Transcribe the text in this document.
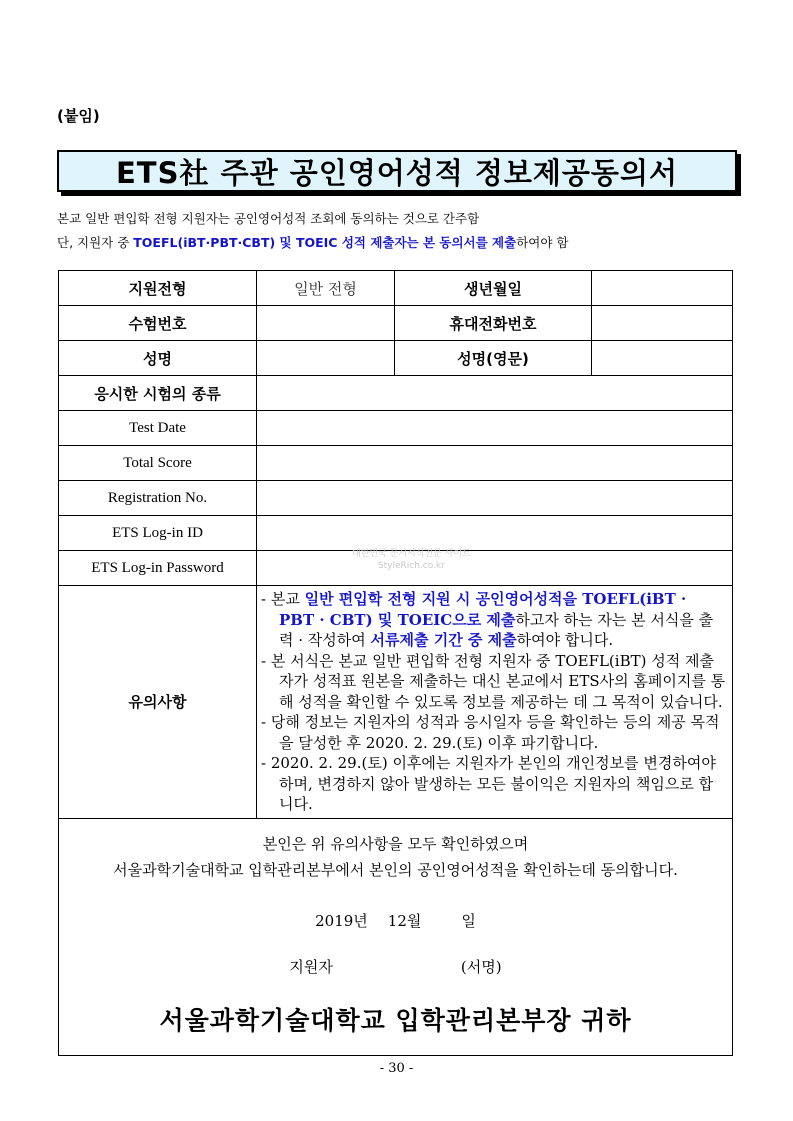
(붙임)
ETS社 주관 공인영어성적 정보제공동의서
본교 일반 편입학 전형 지원자는 공인영어성적 조회에 동의하는 것으로 간주함
단, 지원자 중 TOEFL(iBT·PBT·CBT) 및 TOEIC 성적 제출자는 본 동의서를 제출하여야 함
지원전형	일반 전형	생년월일	
수험번호		휴대전화번호	
성명		성명(영문)	
응시한 시험의 종류			
Test Date			
Total Score			
Registration No.			
ETS Log-in ID			
ETS Log-in Password			
유의사항	- 본교 일반 편입학 전형 지원 시 공인영어성적을 TOEFL(iBT · PBT · CBT) 및 TOEIC으로 제출하고자 하는 자는 본 서식을 출력 · 작성하여 서류제출 기간 중 제출하여야 합니다.
- 본 서식은 본교 일반 편입학 전형 지원자 중 TOEFL(iBT) 성적 제출자가 성적표 원본을 제출하는 대신 본교에서 ETS사의 홈페이지를 통해 성적을 확인할 수 있도록 정보를 제공하는 데 그 목적이 있습니다.
- 당해 정보는 지원자의 성적과 응시일자 등을 확인하는 등의 제공 목적을 달성한 후 2020. 2. 29.(토) 이후 파기합니다.
- 2020. 2. 29.(토) 이후에는 지원자가 본인의 개인정보를 변경하여야 하며, 변경하지 않아 발생하는 모든 불이익은 지원자의 책임으로 합니다.		

본인은 위 유의사항을 모두 확인하였으며
서울과학기술대학교 입학관리본부에서 본인의 공인영어성적을 확인하는데 동의합니다.
2019년 12월 일
지원자 (서명)
서울과학기술대학교 입학관리본부장 귀하			
대한민국 문서서식전문 사이트
StyleRich.co.kr
- 30 -
